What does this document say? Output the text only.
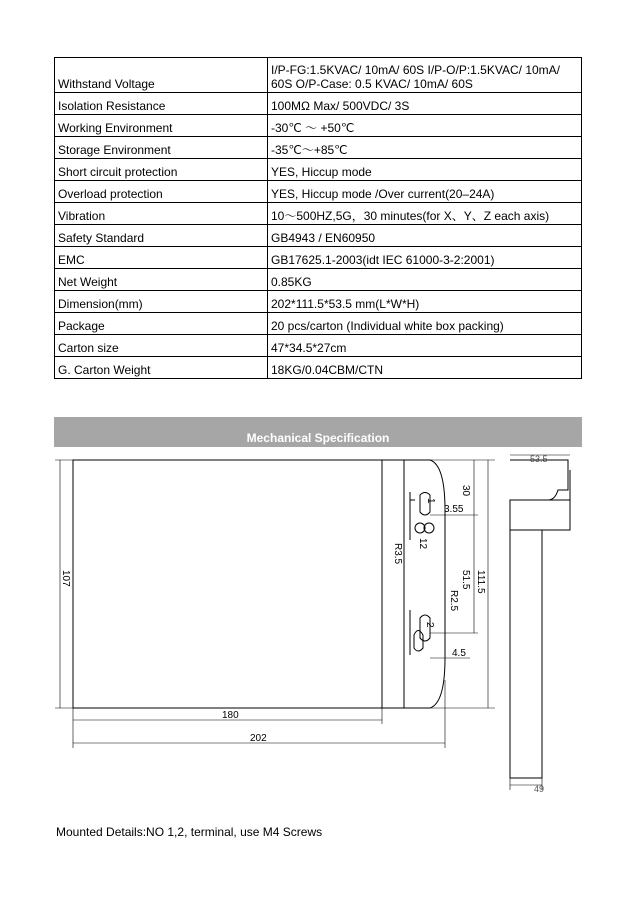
Withstand Voltage	I/P-FG:1.5KVAC/ 10mA/ 60S I/P-O/P:1.5KVAC/ 10mA/ 60S O/P-Case: 0.5 KVAC/ 10mA/ 60S
Isolation Resistance	100MΩ Max/ 500VDC/ 3S
Working Environment	-30℃ ～ +50℃
Storage Environment	-35℃～+85℃
Short circuit protection	YES, Hiccup mode
Overload protection	YES, Hiccup mode /Over current(20–24A)
Vibration	10～500HZ,5G，30 minutes(for X、Y、Z each axis)
Safety Standard	GB4943 / EN60950
EMC	GB17625.1-2003(idt IEC 61000-3-2:2001)
Net Weight	0.85KG
Dimension(mm)	202*111.5*53.5 mm(L*W*H)
Package	20 pcs/carton (Individual white box packing)
Carton size	47*34.5*27cm
G. Carton Weight	18KG/0.04CBM/CTN
Mechanical Specification
180
202
107	111.5
30
51.5
3.55
4.5
R3.5
R2.5
12
1
2
53.5
49
Mounted Details:NO 1,2, terminal, use M4 Screws
